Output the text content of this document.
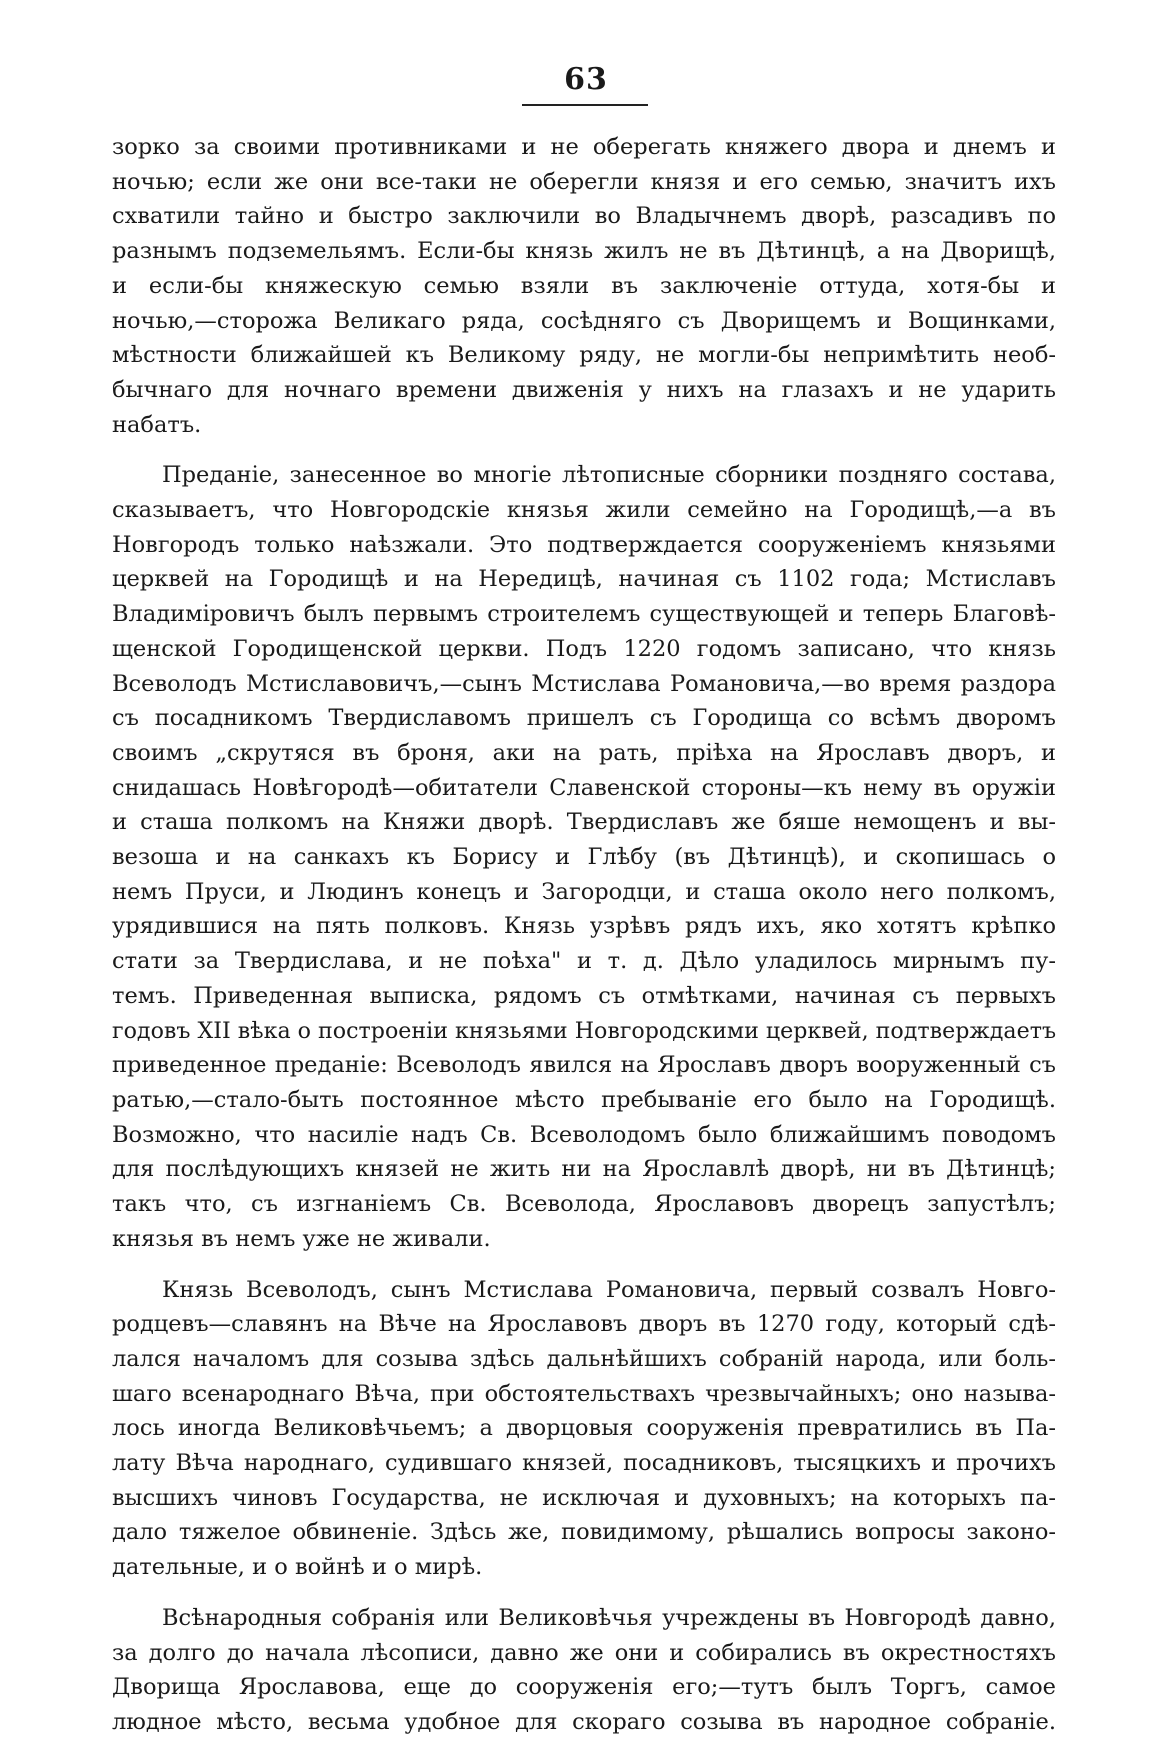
63

зорко за своими противниками и не оберегать княжего двора и днемъ и
ночью; если же они все-таки не оберегли князя и его семью, значитъ ихъ
схватили тайно и быстро заключили во Владычнемъ дворѣ, разсадивъ по
разнымъ подземельямъ. Если-бы князь жилъ не въ Дѣтинцѣ, а на Дворищѣ,
и если-бы княжескую семью взяли въ заключеніе оттуда, хотя-бы и
ночью,—сторожа Великаго ряда, сосѣдняго съ Дворищемъ и Вощинками,
мѣстности ближайшей къ Великому ряду, не могли-бы непримѣтить необ-
бычнаго для ночнаго времени движенія у нихъ на глазахъ и не ударить
набатъ.

Преданіе, занесенное во многіе лѣтописные сборники поздняго состава,
сказываетъ, что Новгородскіе князья жили семейно на Городищѣ,—а въ
Новгородъ только наѣзжали. Это подтверждается сооруженіемъ князьями
церквей на Городищѣ и на Нередицѣ, начиная съ 1102 года; Мстиславъ
Владиміровичъ былъ первымъ строителемъ существующей и теперь Благовѣ-
щенской Городищенской церкви. Подъ 1220 годомъ записано, что князь
Всеволодъ Мстиславовичъ,—сынъ Мстислава Романовича,—во время раздора
съ посадникомъ Твердиславомъ пришелъ съ Городища со всѣмъ дворомъ
своимъ „скрутяся въ броня, аки на рать, пріѣха на Ярославъ дворъ, и
снидашась Новѣгородѣ—обитатели Славенской стороны—къ нему въ оружіи
и сташа полкомъ на Княжи дворѣ. Твердиславъ же бяше немощенъ и вы-
везоша и на санкахъ къ Борису и Глѣбу (въ Дѣтинцѣ), и скопишась о
немъ Пруси, и Людинъ конецъ и Загородци, и сташа около него полкомъ,
урядившися на пять полковъ. Князь узрѣвъ рядъ ихъ, яко хотятъ крѣпко
стати за Твердислава, и не поѣха" и т. д. Дѣло уладилось мирнымъ пу-
темъ. Приведенная выписка, рядомъ съ отмѣтками, начиная съ первыхъ
годовъ XII вѣка о построеніи князьями Новгородскими церквей, подтверждаетъ
приведенное преданіе: Всеволодъ явился на Ярославъ дворъ вооруженный съ
ратью,—стало-быть постоянное мѣсто пребываніе его было на Городищѣ.
Возможно, что насиліе надъ Св. Всеволодомъ было ближайшимъ поводомъ
для послѣдующихъ князей не жить ни на Ярославлѣ дворѣ, ни въ Дѣтинцѣ;
такъ что, съ изгнаніемъ Св. Всеволода, Ярославовъ дворецъ запустѣлъ;
князья въ немъ уже не живали.

Князь Всеволодъ, сынъ Мстислава Романовича, первый созвалъ Новго-
родцевъ—славянъ на Вѣче на Ярославовъ дворъ въ 1270 году, который сдѣ-
лался началомъ для созыва здѣсь дальнѣйшихъ собраній народа, или боль-
шаго всенароднаго Вѣча, при обстоятельствахъ чрезвычайныхъ; оно называ-
лось иногда Великовѣчьемъ; а дворцовыя сооруженія превратились въ Па-
лату Вѣча народнаго, судившаго князей, посадниковъ, тысяцкихъ и прочихъ
высшихъ чиновъ Государства, не исключая и духовныхъ; на которыхъ па-
дало тяжелое обвиненіе. Здѣсь же, повидимому, рѣшались вопросы законо-
дательные, и о войнѣ и о мирѣ.

Всѣнародныя собранія или Великовѣчья учреждены въ Новгородѣ давно,
за долго до начала лѣсописи, давно же они и собирались въ окрестностяхъ
Дворища Ярославова, еще до сооруженія его;—тутъ былъ Торгъ, самое
людное мѣсто, весьма удобное для скораго созыва въ народное собраніе.
